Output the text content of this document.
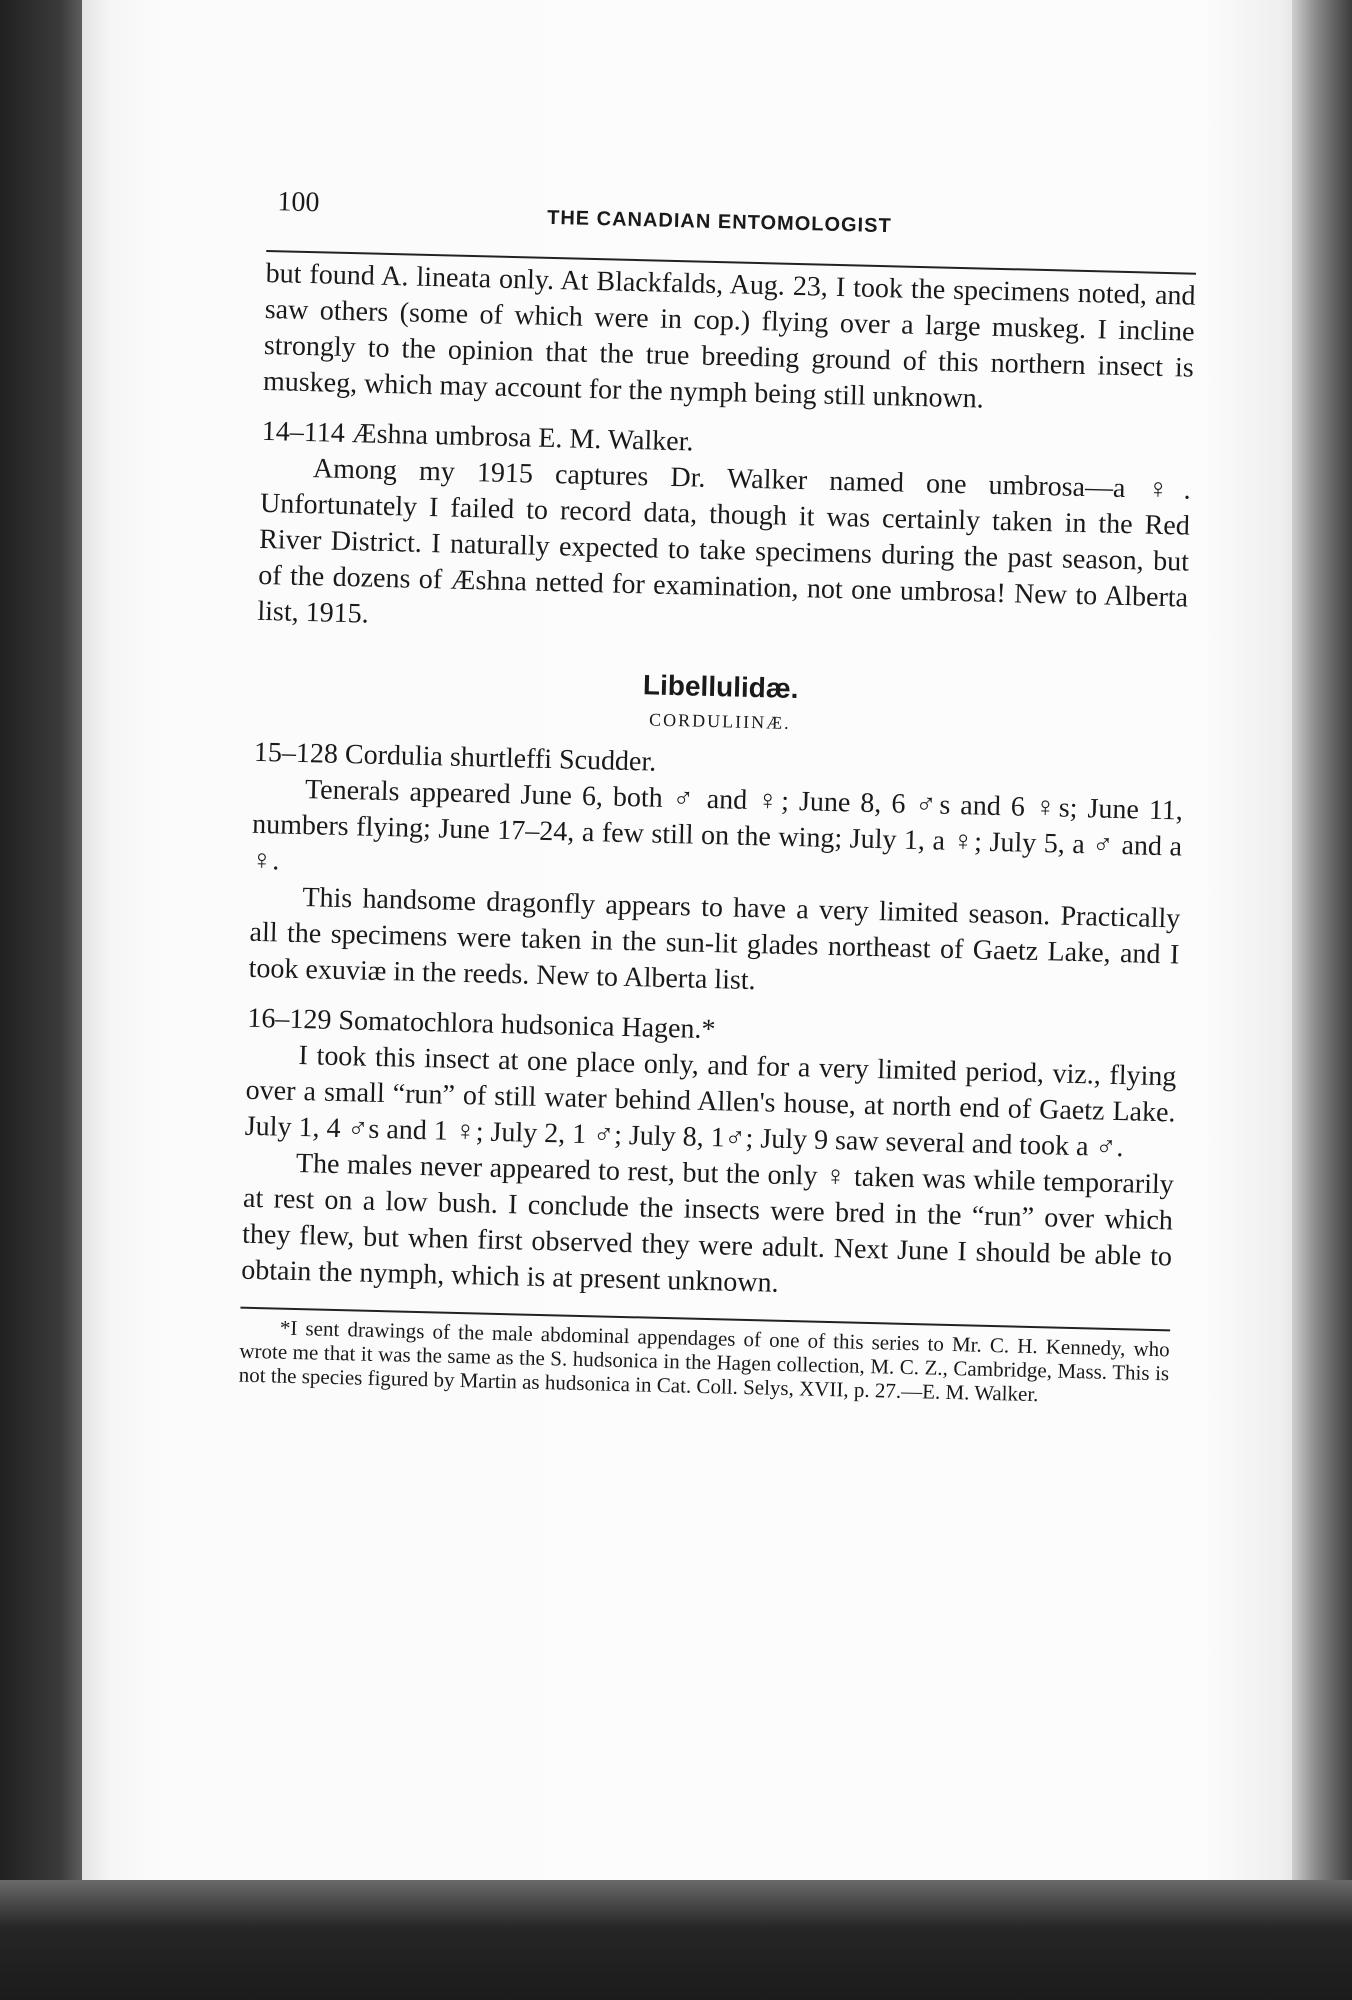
100
THE CANADIAN ENTOMOLOGIST

but found A. lineata only. At Blackfalds, Aug. 23, I took the specimens noted, and saw others (some of which were in cop.) flying over a large muskeg. I incline strongly to the opinion that the true breeding ground of this northern insect is muskeg, which may account for the nymph being still unknown.

14–114 Æshna umbrosa E. M. Walker.

Among my 1915 captures Dr. Walker named one umbrosa—a ♀. Unfortunately I failed to record data, though it was certainly taken in the Red River District. I naturally expected to take specimens during the past season, but of the dozens of Æshna netted for examination, not one umbrosa! New to Alberta list, 1915.

Libellulidæ.
CORDULIINÆ.
15–128 Cordulia shurtleffi Scudder.

Tenerals appeared June 6, both ♂ and ♀; June 8, 6 ♂s and 6 ♀s; June 11, numbers flying; June 17–24, a few still on the wing; July 1, a ♀; July 5, a ♂ and a ♀.

This handsome dragonfly appears to have a very limited season. Practically all the specimens were taken in the sun-lit glades northeast of Gaetz Lake, and I took exuviæ in the reeds. New to Alberta list.

16–129 Somatochlora hudsonica Hagen.*

I took this insect at one place only, and for a very limited period, viz., flying over a small “run” of still water behind Allen's house, at north end of Gaetz Lake. July 1, 4 ♂s and 1 ♀; July 2, 1 ♂; July 8, 1♂; July 9 saw several and took a ♂.

The males never appeared to rest, but the only ♀ taken was while temporarily at rest on a low bush. I conclude the insects were bred in the “run” over which they flew, but when first observed they were adult. Next June I should be able to obtain the nymph, which is at present unknown.

*I sent drawings of the male abdominal appendages of one of this series to Mr. C. H. Kennedy, who wrote me that it was the same as the S. hudsonica in the Hagen collection, M. C. Z., Cambridge, Mass. This is not the species figured by Martin as hudsonica in Cat. Coll. Selys, XVII, p. 27.—E. M. Walker.
